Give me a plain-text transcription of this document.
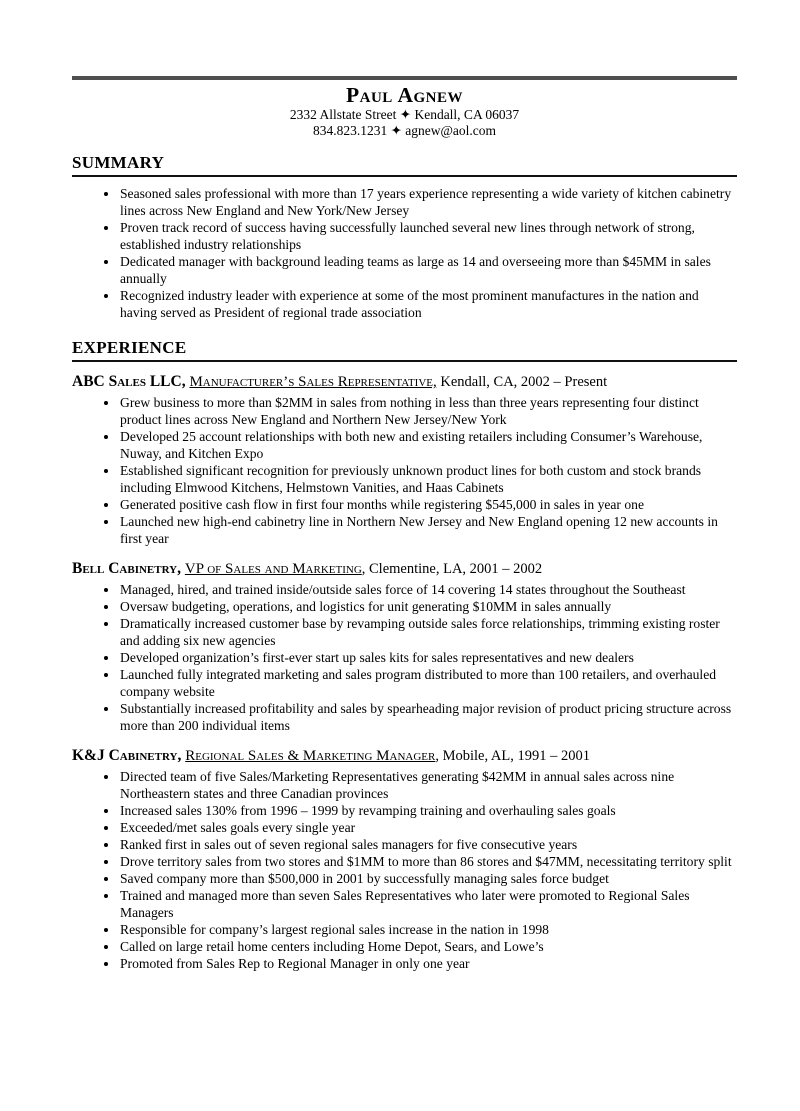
Paul Agnew

2332 Allstate Street ✦ Kendall, CA 06037

834.823.1231 ✦ agnew@aol.com

SUMMARY
• Seasoned sales professional with more than 17 years experience representing a wide variety of kitchen cabinetry lines across New England and New York/New Jersey
• Proven track record of success having successfully launched several new lines through network of strong, established industry relationships
• Dedicated manager with background leading teams as large as 14 and overseeing more than $45MM in sales annually
• Recognized industry leader with experience at some of the most prominent manufactures in the nation and having served as President of regional trade association
EXPERIENCE

ABC Sales LLC, Manufacturer’s Sales Representative, Kendall, CA, 2002 – Present

• Grew business to more than $2MM in sales from nothing in less than three years representing four distinct product lines across New England and Northern New Jersey/New York
• Developed 25 account relationships with both new and existing retailers including Consumer’s Warehouse, Nuway, and Kitchen Expo
• Established significant recognition for previously unknown product lines for both custom and stock brands including Elmwood Kitchens, Helmstown Vanities, and Haas Cabinets
• Generated positive cash flow in first four months while registering $545,000 in sales in year one
• Launched new high-end cabinetry line in Northern New Jersey and New England opening 12 new accounts in first year

Bell Cabinetry, VP of Sales and Marketing, Clementine, LA, 2001 – 2002

• Managed, hired, and trained inside/outside sales force of 14 covering 14 states throughout the Southeast
• Oversaw budgeting, operations, and logistics for unit generating $10MM in sales annually
• Dramatically increased customer base by revamping outside sales force relationships, trimming existing roster and adding six new agencies
• Developed organization’s first-ever start up sales kits for sales representatives and new dealers
• Launched fully integrated marketing and sales program distributed to more than 100 retailers, and overhauled company website
• Substantially increased profitability and sales by spearheading major revision of product pricing structure across more than 200 individual items

K&J Cabinetry, Regional Sales & Marketing Manager, Mobile, AL, 1991 – 2001

• Directed team of five Sales/Marketing Representatives generating $42MM in annual sales across nine Northeastern states and three Canadian provinces
• Increased sales 130% from 1996 – 1999 by revamping training and overhauling sales goals
• Exceeded/met sales goals every single year
• Ranked first in sales out of seven regional sales managers for five consecutive years
• Drove territory sales from two stores and $1MM to more than 86 stores and $47MM, necessitating territory split
• Saved company more than $500,000 in 2001 by successfully managing sales force budget
• Trained and managed more than seven Sales Representatives who later were promoted to Regional Sales Managers
• Responsible for company’s largest regional sales increase in the nation in 1998
• Called on large retail home centers including Home Depot, Sears, and Lowe’s
• Promoted from Sales Rep to Regional Manager in only one year
